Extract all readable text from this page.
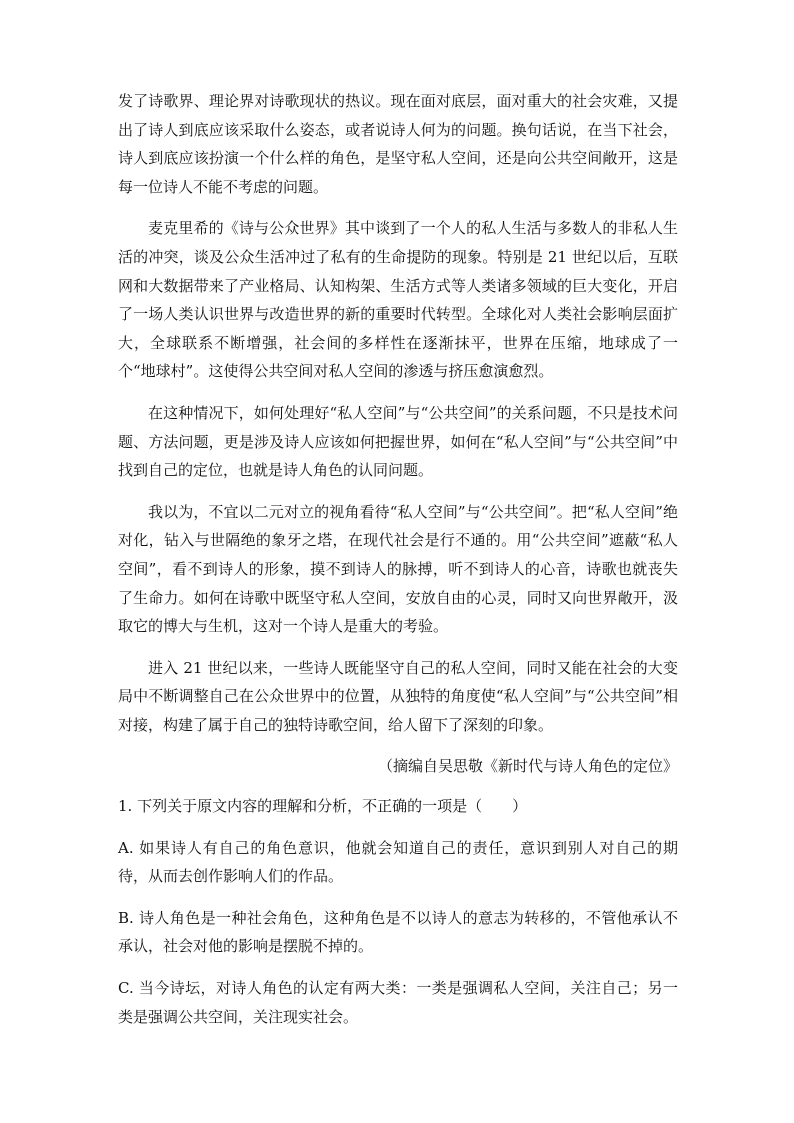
发了诗歌界、理论界对诗歌现状的热议。现在面对底层，面对重大的社会灾难，又提出了诗人到底应该采取什么姿态，或者说诗人何为的问题。换句话说，在当下社会，诗人到底应该扮演一个什么样的角色，是坚守私人空间，还是向公共空间敞开，这是每一位诗人不能不考虑的问题。

麦克里希的《诗与公众世界》其中谈到了一个人的私人生活与多数人的非私人生活的冲突，谈及公众生活冲过了私有的生命提防的现象。特别是 21 世纪以后，互联网和大数据带来了产业格局、认知构架、生活方式等人类诸多领域的巨大变化，开启了一场人类认识世界与改造世界的新的重要时代转型。全球化对人类社会影响层面扩大，全球联系不断增强，社会间的多样性在逐渐抹平，世界在压缩，地球成了一个“地球村”。这使得公共空间对私人空间的渗透与挤压愈演愈烈。

在这种情况下，如何处理好“私人空间”与“公共空间”的关系问题，不只是技术问题、方法问题，更是涉及诗人应该如何把握世界，如何在“私人空间”与“公共空间”中找到自己的定位，也就是诗人角色的认同问题。

我以为，不宜以二元对立的视角看待“私人空间”与“公共空间”。把“私人空间”绝对化，钻入与世隔绝的象牙之塔，在现代社会是行不通的。用“公共空间”遮蔽“私人空间”，看不到诗人的形象，摸不到诗人的脉搏，听不到诗人的心音，诗歌也就丧失了生命力。如何在诗歌中既坚守私人空间，安放自由的心灵，同时又向世界敞开，汲取它的博大与生机，这对一个诗人是重大的考验。

进入 21 世纪以来，一些诗人既能坚守自己的私人空间，同时又能在社会的大变局中不断调整自己在公众世界中的位置，从独特的角度使“私人空间”与“公共空间”相对接，构建了属于自己的独特诗歌空间，给人留下了深刻的印象。

（摘编自吴思敬《新时代与诗人角色的定位》

1. 下列关于原文内容的理解和分析，不正确的一项是（　　）

A. 如果诗人有自己的角色意识，他就会知道自己的责任，意识到别人对自己的期待，从而去创作影响人们的作品。

B. 诗人角色是一种社会角色，这种角色是不以诗人的意志为转移的，不管他承认不承认，社会对他的影响是摆脱不掉的。

C. 当今诗坛，对诗人角色的认定有两大类：一类是强调私人空间，关注自己；另一类是强调公共空间，关注现实社会。
